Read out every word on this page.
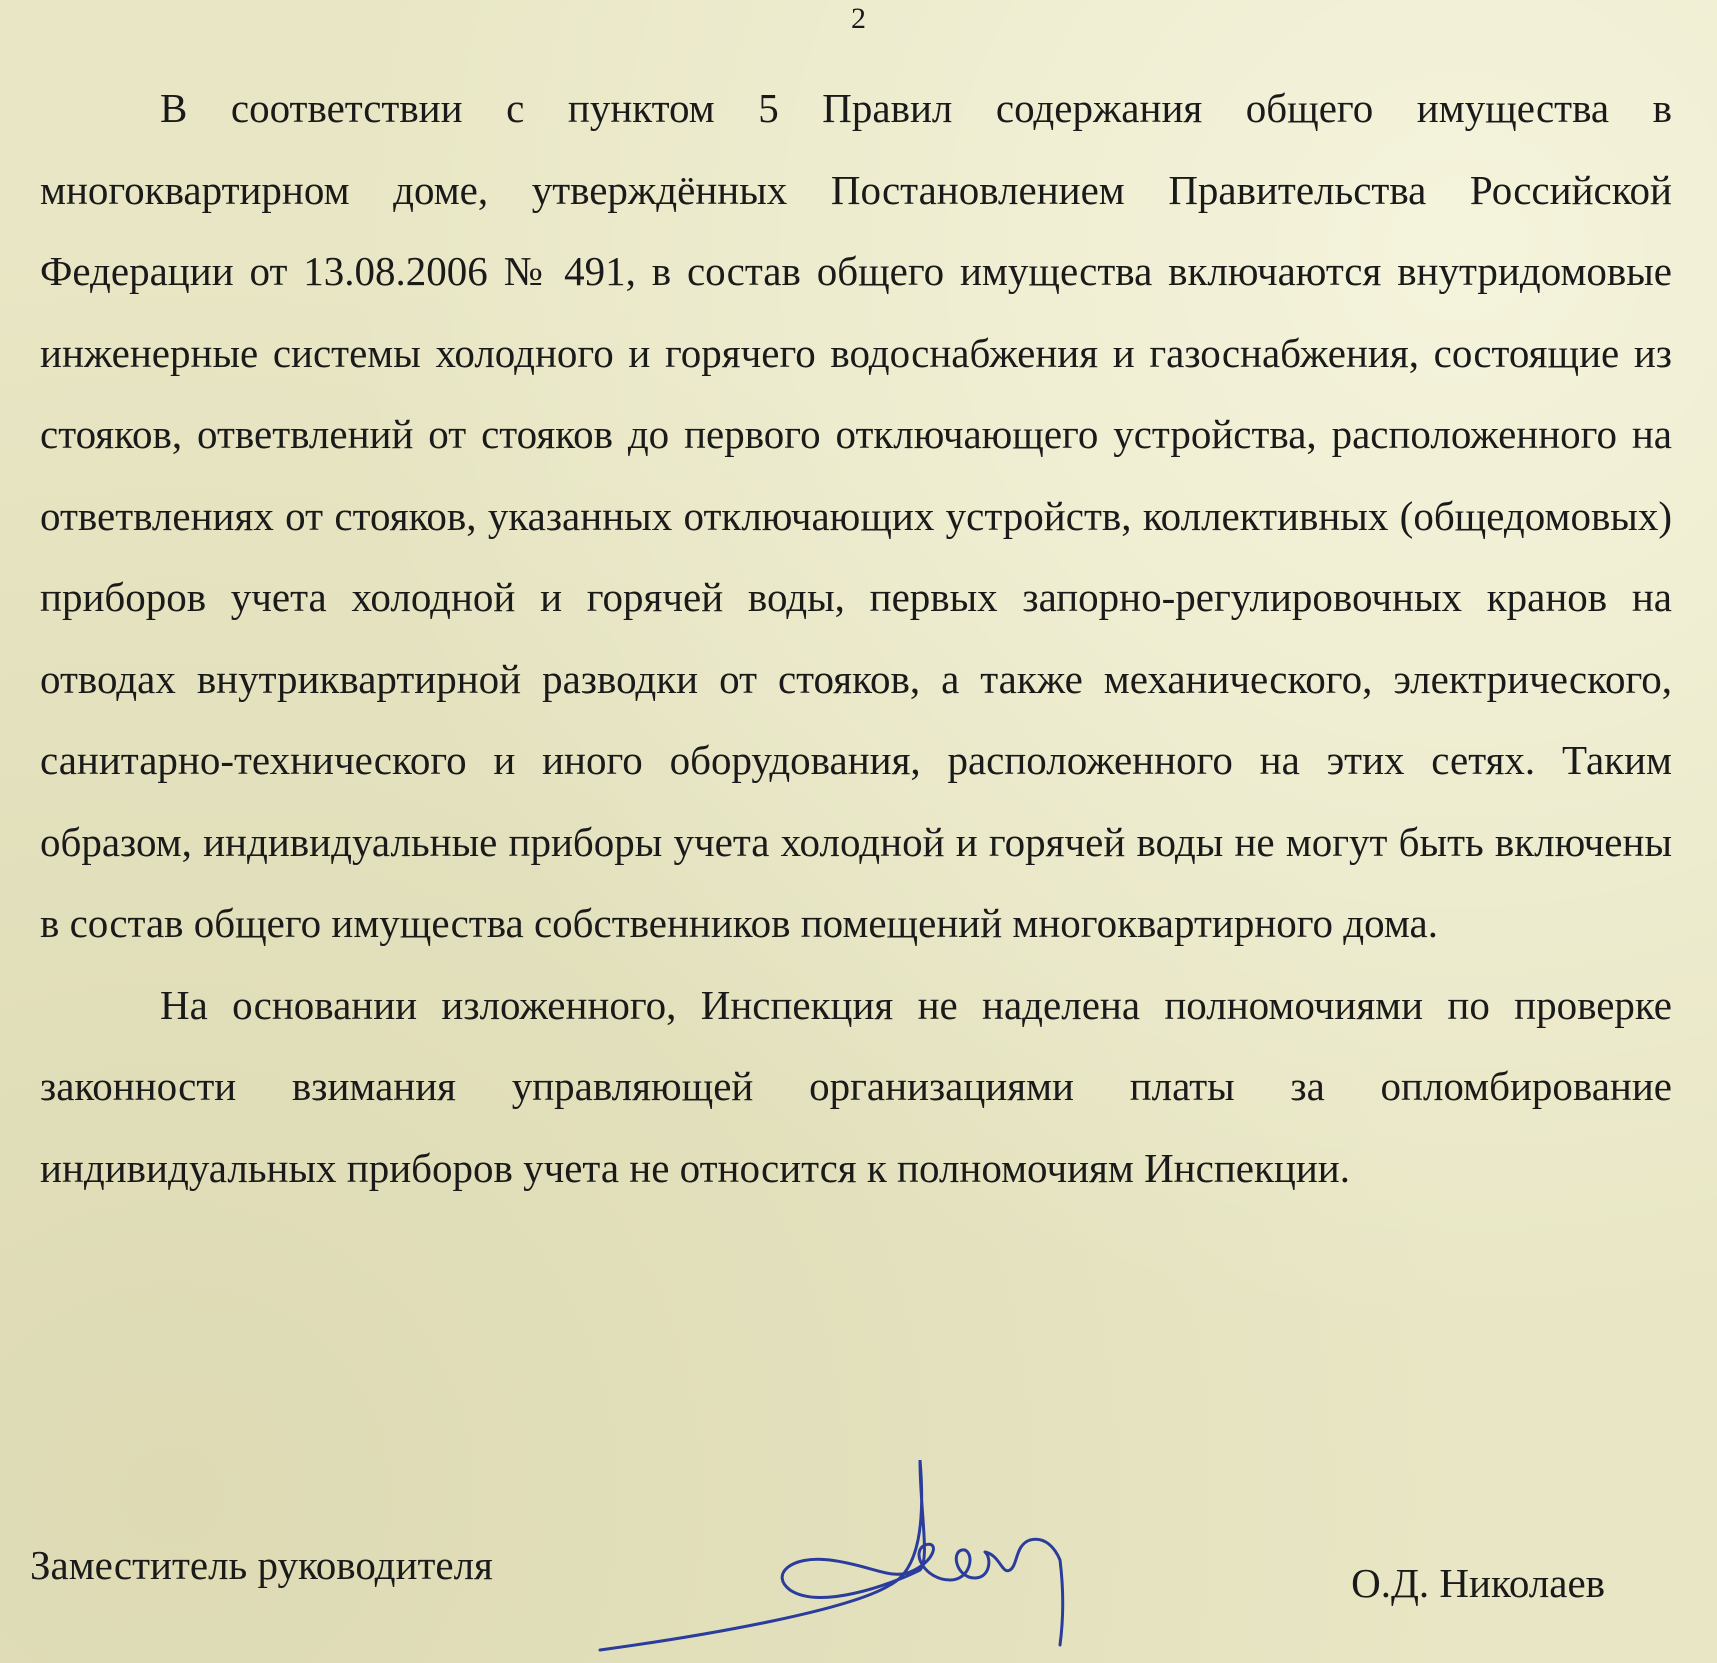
2

В соответствии с пунктом 5 Правил содержания общего имущества в многоквартирном доме, утверждённых Постановлением Правительства Российской Федерации от 13.08.2006 № 491, в состав общего имущества включаются внутридомовые инженерные системы холодного и горячего водоснабжения и газоснабжения, состоящие из стояков, ответвлений от стояков до первого отключающего устройства, расположенного на ответвлениях от стояков, указанных отключающих устройств, коллективных (общедомовых) приборов учета холодной и горячей воды, первых запорно-регулировочных кранов на отводах внутриквартирной разводки от стояков, а также механического, электрического, санитарно-технического и иного оборудования, расположенного на этих сетях. Таким образом, индивидуальные приборы учета холодной и горячей воды не могут быть включены в состав общего имущества собственников помещений многоквартирного дома.

На основании изложенного, Инспекция не наделена полномочиями по проверке законности взимания управляющей организациями платы за опломбирование индивидуальных приборов учета не относится к полномочиям Инспекции.

Заместитель руководителя	О.Д. Николаев
